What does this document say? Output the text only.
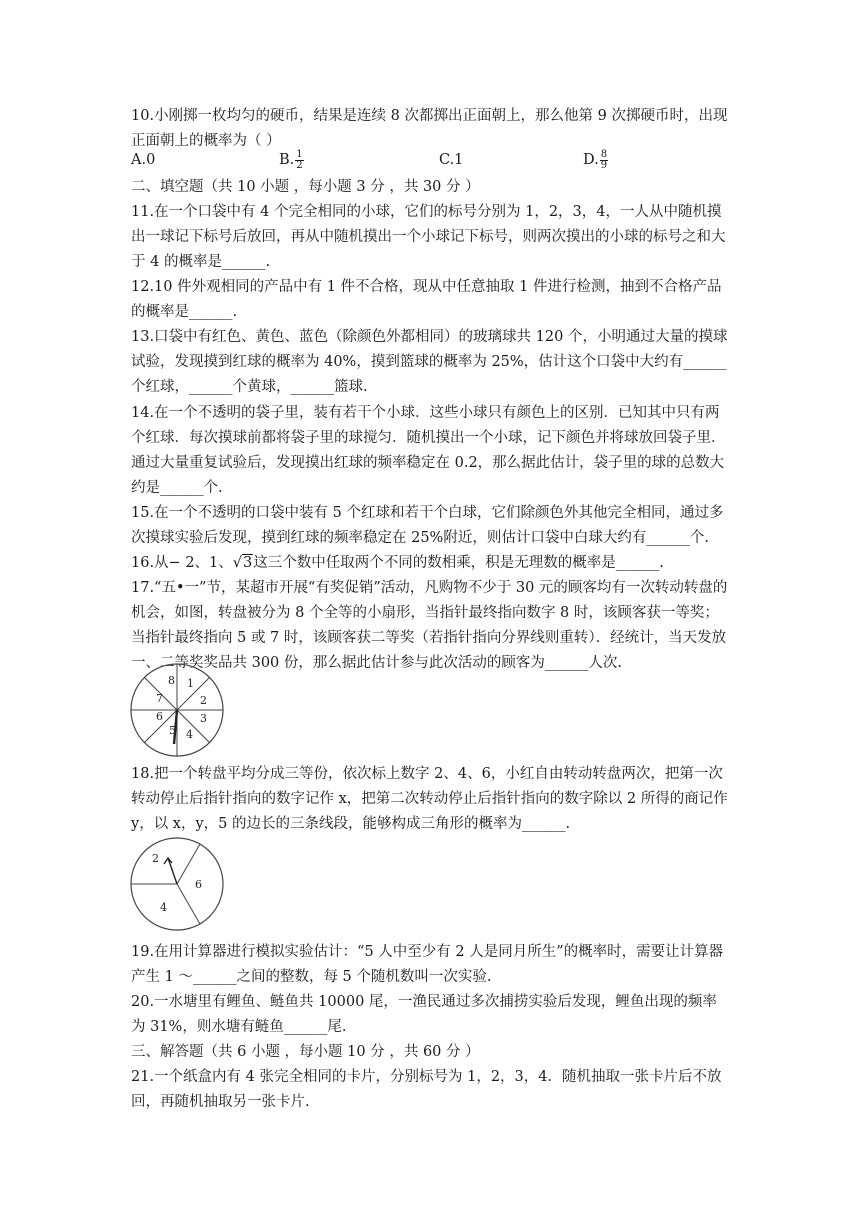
10.小刚掷一枚均匀的硬币，结果是连续 8 次都掷出正面朝上，那么他第 9 次掷硬币时，出现正面朝上的概率为（ ）

A.0	B. $\frac{1}{2}$	C.1	D. $\frac{8}{9}$

二、填空题（共 10 小题 ，每小题 3 分 ，共 30 分 ）

11.在一个口袋中有 4 个完全相同的小球，它们的标号分别为 1，2，3，4，一人从中随机摸出一球记下标号后放回，再从中随机摸出一个小球记下标号，则两次摸出的小球的标号之和大于 4 的概率是______.

12.10 件外观相同的产品中有 1 件不合格，现从中任意抽取 1 件进行检测，抽到不合格产品的概率是______.

13.口袋中有红色、黄色、蓝色（除颜色外都相同）的玻璃球共 120 个，小明通过大量的摸球试验，发现摸到红球的概率为 40%，摸到篮球的概率为 25%，估计这个口袋中大约有______个红球，______个黄球，______篮球.

14.在一个不透明的袋子里，装有若干个小球．这些小球只有颜色上的区别．已知其中只有两个红球．每次摸球前都将袋子里的球搅匀．随机摸出一个小球，记下颜色并将球放回袋子里．通过大量重复试验后，发现摸出红球的频率稳定在 0.2，那么据此估计，袋子里的球的总数大约是______个.

15.在一个不透明的口袋中装有 5 个红球和若干个白球，它们除颜色外其他完全相同，通过多次摸球实验后发现，摸到红球的频率稳定在 25%附近，则估计口袋中白球大约有______个.

16.从− 2、1、√3这三个数中任取两个不同的数相乘，积是无理数的概率是______.

17.“五•一”节，某超市开展“有奖促销”活动，凡购物不少于 30 元的顾客均有一次转动转盘的机会，如图，转盘被分为 8 个全等的小扇形，当指针最终指向数字 8 时，该顾客获一等奖；当指针最终指向 5 或 7 时，该顾客获二等奖（若指针指向分界线则重转）．经统计，当天发放一、二等奖奖品共 300 份，那么据此估计参与此次活动的顾客为______人次.

1
2
3
4
5
6
7
8

18.把一个转盘平均分成三等份，依次标上数字 2、4、6，小红自由转动转盘两次，把第一次转动停止后指针指向的数字记作 x，把第二次转动停止后指针指向的数字除以 2 所得的商记作 y，以 x，y，5 的边长的三条线段，能够构成三角形的概率为______.

2
6
4

19.在用计算器进行模拟实验估计：“5 人中至少有 2 人是同月所生”的概率时，需要让计算器产生 1 ～______之间的整数，每 5 个随机数叫一次实验.

20.一水塘里有鲤鱼、鲢鱼共 10000 尾，一渔民通过多次捕捞实验后发现，鲤鱼出现的频率为 31%，则水塘有鲢鱼______尾.

三、解答题（共 6 小题 ，每小题 10 分 ，共 60 分 ）

21.一个纸盒内有 4 张完全相同的卡片，分别标号为 1，2，3，4．随机抽取一张卡片后不放回，再随机抽取另一张卡片.
